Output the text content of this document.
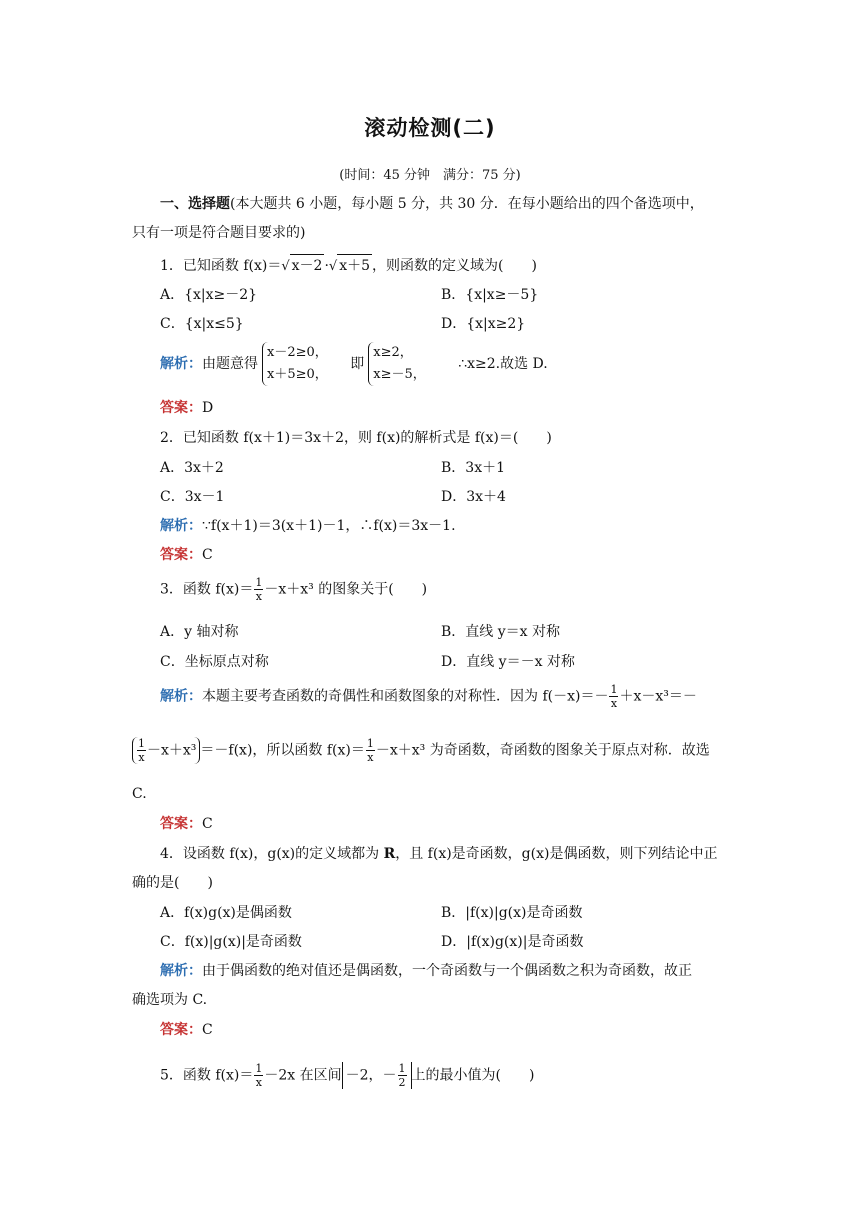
滚动检测(二)
(时间：45 分钟　满分：75 分)
一、选择题(本大题共 6 小题，每小题 5 分，共 30 分．在每小题给出的四个备选项中，
只有一项是符合题目要求的)
1．已知函数 f(x)＝√ x－2 ·√ x＋5 ，则函数的定义域为(　　)
A．{x|x≥－2}	B．{x|x≥－5}
C．{x|x≤5}	D．{x|x≥2}
解析：由题意得x－2≥0，
x＋5≥0， 即x≥2，
x≥－5， ∴x≥2.故选 D.
答案：D
2．已知函数 f(x＋1)＝3x＋2，则 f(x)的解析式是 f(x)＝(　　)
A．3x＋2	B．3x＋1
C．3x－1	D．3x＋4
解析：∵f(x＋1)＝3(x＋1)－1，∴f(x)＝3x－1.
答案：C
3．函数 $f(x)= \frac{1}{x} -x+x^3$ 的图象关于(　　)
A．y 轴对称	B．直线 y＝x 对称
C．坐标原点对称	D．直线 y＝－x 对称
解析：本题主要考查函数的奇偶性和函数图象的对称性．因为 $f(-x)=- \frac{1}{x} +x-x^3=-$
$\frac{1}{x} -x+x^3 =-f(x)$，所以函数 $f(x)= \frac{1}{x} -x+x^3$ 为奇函数，奇函数的图象关于原点对称．故选
C.
答案：C
4．设函数 f(x)，g(x)的定义域都为 R，且 f(x)是奇函数，g(x)是偶函数，则下列结论中正
确的是(　　)
A．f(x)g(x)是偶函数	B．|f(x)|g(x)是奇函数
C．f(x)|g(x)|是奇函数	D．|f(x)g(x)|是奇函数
解析：由于偶函数的绝对值还是偶函数，一个奇函数与一个偶函数之积为奇函数，故正
确选项为 C.
答案：C
5．函数 $f(x)= \frac{1}{x} -2x$ 在区间 －2，－ $\frac{1}{2}$ 上的最小值为(　　)
